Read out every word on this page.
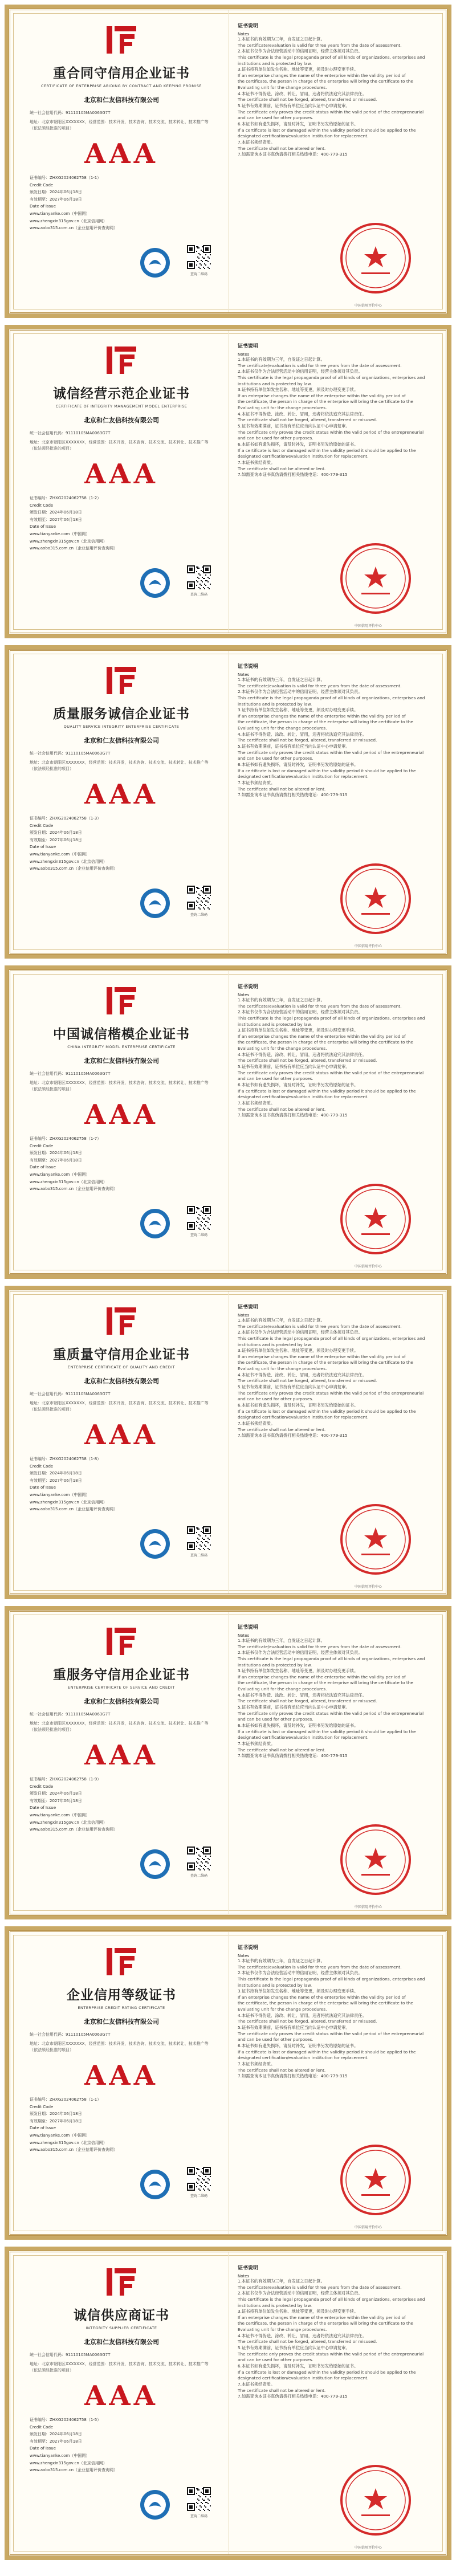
重合同守信用企业证书
CERTIFICATE OF ENTERPRISE ABIDING BY CONTRACT AND KEEPING PROMISE
北京和仁友信科技有限公司
统一社会信用代码：91110105MA0063G7T
地址：北京市朝阳区XXXXXXX，经营范围：技术开发，技术咨询、技术交流、技术转让、技术推广等（依法须经批准的项目）
AAA
证书编号：ZHXG2024062758（1-1）
Credit Code
颁发日期：2024年06月18日
有效期至：2027年06月18日
Date of Issue
www.tianyanke.com（中国网）
www.zhengxin315gov.cn（北京信用网）
www.aobo315.com.cn（企业信用评价查询网）
查询二维码
证书说明
Notes

1.本证书的有效期为三年，自发证之日起计算。

The certificate/evaluation is valid for three years from the date of assessment.

2.本证书仅作为合法经营活动中的信用证明，经营主体须对其负责。

This certificate is the legal propaganda proof of all kinds of organizations, enterprises and institutions and is protected by law.

3.证书持有单位如发生名称、地址等变更，须及时办理变更手续。

If an enterprise changes the name of the enterprise within the validity per iod of

the certificate, the person in charge of the enterprise will bring the certificate to the

Evaluating unit for the change procedures.

4.本证书不得伪造、涂改、转让、冒用，违者将依法追究其法律责任。

The certificate shall not be forged, altered, transferred or misused.

5.证书有效期满前，证书持有单位应当向认证中心申请复审。

The certificate only proves the credit status within the valid period of the entrepreneurial

and can be used for other purposes.

6.本证书如有遗失损坏，请及时补发，证明书另发给原始的证书。

If a certificate is lost or damaged within the validity period it should be applied to the

designated certification/evaluation institution for replacement.

7.本证书须经资质。

The certificate shall not be altered or lent.

7.如需查询本证书真伪请拨打相关热线电话：400-779-315

中国信用评价中心
诚信经营示范企业证书
CERTIFICATE OF INTEGRITY MANAGEMENT MODEL ENTERPRISE
北京和仁友信科技有限公司
统一社会信用代码：91110105MA0063G7T
地址：北京市朝阳区XXXXXXX，经营范围：技术开发，技术咨询、技术交流、技术转让、技术推广等（依法须经批准的项目）
AAA
证书编号：ZHXG2024062758（1-2）
Credit Code
颁发日期：2024年06月18日
有效期至：2027年06月18日
Date of Issue
www.tianyanke.com（中国网）
www.zhengxin315gov.cn（北京信用网）
www.aobo315.com.cn（企业信用评价查询网）
查询二维码
证书说明
Notes

1.本证书的有效期为三年，自发证之日起计算。

The certificate/evaluation is valid for three years from the date of assessment.

2.本证书仅作为合法经营活动中的信用证明，经营主体须对其负责。

This certificate is the legal propaganda proof of all kinds of organizations, enterprises and institutions and is protected by law.

3.证书持有单位如发生名称、地址等变更，须及时办理变更手续。

If an enterprise changes the name of the enterprise within the validity per iod of

the certificate, the person in charge of the enterprise will bring the certificate to the

Evaluating unit for the change procedures.

4.本证书不得伪造、涂改、转让、冒用，违者将依法追究其法律责任。

The certificate shall not be forged, altered, transferred or misused.

5.证书有效期满前，证书持有单位应当向认证中心申请复审。

The certificate only proves the credit status within the valid period of the entrepreneurial

and can be used for other purposes.

6.本证书如有遗失损坏，请及时补发，证明书另发给原始的证书。

If a certificate is lost or damaged within the validity period it should be applied to the

designated certification/evaluation institution for replacement.

7.本证书须经资质。

The certificate shall not be altered or lent.

7.如需查询本证书真伪请拨打相关热线电话：400-779-315

中国信用评价中心
质量服务诚信企业证书
QUALITY SERVICE INTEGRITY ENTERPRISE CERTIFICATE
北京和仁友信科技有限公司
统一社会信用代码：91110105MA0063G7T
地址：北京市朝阳区XXXXXXX，经营范围：技术开发，技术咨询、技术交流、技术转让、技术推广等（依法须经批准的项目）
AAA
证书编号：ZHXG2024062758（1-3）
Credit Code
颁发日期：2024年06月18日
有效期至：2027年06月18日
Date of Issue
www.tianyanke.com（中国网）
www.zhengxin315gov.cn（北京信用网）
www.aobo315.com.cn（企业信用评价查询网）
查询二维码
证书说明
Notes

1.本证书的有效期为三年，自发证之日起计算。

The certificate/evaluation is valid for three years from the date of assessment.

2.本证书仅作为合法经营活动中的信用证明，经营主体须对其负责。

This certificate is the legal propaganda proof of all kinds of organizations, enterprises and institutions and is protected by law.

3.证书持有单位如发生名称、地址等变更，须及时办理变更手续。

If an enterprise changes the name of the enterprise within the validity per iod of

the certificate, the person in charge of the enterprise will bring the certificate to the

Evaluating unit for the change procedures.

4.本证书不得伪造、涂改、转让、冒用，违者将依法追究其法律责任。

The certificate shall not be forged, altered, transferred or misused.

5.证书有效期满前，证书持有单位应当向认证中心申请复审。

The certificate only proves the credit status within the valid period of the entrepreneurial

and can be used for other purposes.

6.本证书如有遗失损坏，请及时补发，证明书另发给原始的证书。

If a certificate is lost or damaged within the validity period it should be applied to the

designated certification/evaluation institution for replacement.

7.本证书须经资质。

The certificate shall not be altered or lent.

7.如需查询本证书真伪请拨打相关热线电话：400-779-315

中国信用评价中心
中国诚信楷模企业证书
CHINA INTEGRITY MODEL ENTERPRISE CERTIFICATE
北京和仁友信科技有限公司
统一社会信用代码：91110105MA0063G7T
地址：北京市朝阳区XXXXXXX，经营范围：技术开发，技术咨询、技术交流、技术转让、技术推广等（依法须经批准的项目）
AAA
证书编号：ZHXG2024062758（1-7）
Credit Code
颁发日期：2024年06月18日
有效期至：2027年06月18日
Date of Issue
www.tianyanke.com（中国网）
www.zhengxin315gov.cn（北京信用网）
www.aobo315.com.cn（企业信用评价查询网）
查询二维码
证书说明
Notes

1.本证书的有效期为三年，自发证之日起计算。

The certificate/evaluation is valid for three years from the date of assessment.

2.本证书仅作为合法经营活动中的信用证明，经营主体须对其负责。

This certificate is the legal propaganda proof of all kinds of organizations, enterprises and institutions and is protected by law.

3.证书持有单位如发生名称、地址等变更，须及时办理变更手续。

If an enterprise changes the name of the enterprise within the validity per iod of

the certificate, the person in charge of the enterprise will bring the certificate to the

Evaluating unit for the change procedures.

4.本证书不得伪造、涂改、转让、冒用，违者将依法追究其法律责任。

The certificate shall not be forged, altered, transferred or misused.

5.证书有效期满前，证书持有单位应当向认证中心申请复审。

The certificate only proves the credit status within the valid period of the entrepreneurial

and can be used for other purposes.

6.本证书如有遗失损坏，请及时补发，证明书另发给原始的证书。

If a certificate is lost or damaged within the validity period it should be applied to the

designated certification/evaluation institution for replacement.

7.本证书须经资质。

The certificate shall not be altered or lent.

7.如需查询本证书真伪请拨打相关热线电话：400-779-315

中国信用评价中心
重质量守信用企业证书
ENTERPRISE CERTIFICATE OF QUALITY AND CREDIT
北京和仁友信科技有限公司
统一社会信用代码：91110105MA0063G7T
地址：北京市朝阳区XXXXXXX，经营范围：技术开发，技术咨询、技术交流、技术转让、技术推广等（依法须经批准的项目）
AAA
证书编号：ZHXG2024062758（1-8）
Credit Code
颁发日期：2024年06月18日
有效期至：2027年06月18日
Date of Issue
www.tianyanke.com（中国网）
www.zhengxin315gov.cn（北京信用网）
www.aobo315.com.cn（企业信用评价查询网）
查询二维码
证书说明
Notes

1.本证书的有效期为三年，自发证之日起计算。

The certificate/evaluation is valid for three years from the date of assessment.

2.本证书仅作为合法经营活动中的信用证明，经营主体须对其负责。

This certificate is the legal propaganda proof of all kinds of organizations, enterprises and institutions and is protected by law.

3.证书持有单位如发生名称、地址等变更，须及时办理变更手续。

If an enterprise changes the name of the enterprise within the validity per iod of

the certificate, the person in charge of the enterprise will bring the certificate to the

Evaluating unit for the change procedures.

4.本证书不得伪造、涂改、转让、冒用，违者将依法追究其法律责任。

The certificate shall not be forged, altered, transferred or misused.

5.证书有效期满前，证书持有单位应当向认证中心申请复审。

The certificate only proves the credit status within the valid period of the entrepreneurial

and can be used for other purposes.

6.本证书如有遗失损坏，请及时补发，证明书另发给原始的证书。

If a certificate is lost or damaged within the validity period it should be applied to the

designated certification/evaluation institution for replacement.

7.本证书须经资质。

The certificate shall not be altered or lent.

7.如需查询本证书真伪请拨打相关热线电话：400-779-315

中国信用评价中心
重服务守信用企业证书
ENTERPRISE CERTIFICATE OF SERVICE AND CREDIT
北京和仁友信科技有限公司
统一社会信用代码：91110105MA0063G7T
地址：北京市朝阳区XXXXXXX，经营范围：技术开发，技术咨询、技术交流、技术转让、技术推广等（依法须经批准的项目）
AAA
证书编号：ZHXG2024062758（1-9）
Credit Code
颁发日期：2024年06月18日
有效期至：2027年06月18日
Date of Issue
www.tianyanke.com（中国网）
www.zhengxin315gov.cn（北京信用网）
www.aobo315.com.cn（企业信用评价查询网）
查询二维码
证书说明
Notes

1.本证书的有效期为三年，自发证之日起计算。

The certificate/evaluation is valid for three years from the date of assessment.

2.本证书仅作为合法经营活动中的信用证明，经营主体须对其负责。

This certificate is the legal propaganda proof of all kinds of organizations, enterprises and institutions and is protected by law.

3.证书持有单位如发生名称、地址等变更，须及时办理变更手续。

If an enterprise changes the name of the enterprise within the validity per iod of

the certificate, the person in charge of the enterprise will bring the certificate to the

Evaluating unit for the change procedures.

4.本证书不得伪造、涂改、转让、冒用，违者将依法追究其法律责任。

The certificate shall not be forged, altered, transferred or misused.

5.证书有效期满前，证书持有单位应当向认证中心申请复审。

The certificate only proves the credit status within the valid period of the entrepreneurial

and can be used for other purposes.

6.本证书如有遗失损坏，请及时补发，证明书另发给原始的证书。

If a certificate is lost or damaged within the validity period it should be applied to the

designated certification/evaluation institution for replacement.

7.本证书须经资质。

The certificate shall not be altered or lent.

7.如需查询本证书真伪请拨打相关热线电话：400-779-315

中国信用评价中心
企业信用等级证书
ENTERPRISE CREDIT RATING CERTIFICATE
北京和仁友信科技有限公司
统一社会信用代码：91110105MA0063G7T
地址：北京市朝阳区XXXXXXX，经营范围：技术开发，技术咨询、技术交流、技术转让、技术推广等（依法须经批准的项目）
AAA
证书编号：ZHXG2024062758（1-1）
Credit Code
颁发日期：2024年06月18日
有效期至：2027年06月18日
Date of Issue
www.tianyanke.com（中国网）
www.zhengxin315gov.cn（北京信用网）
www.aobo315.com.cn（企业信用评价查询网）
查询二维码
证书说明
Notes

1.本证书的有效期为三年，自发证之日起计算。

The certificate/evaluation is valid for three years from the date of assessment.

2.本证书仅作为合法经营活动中的信用证明，经营主体须对其负责。

This certificate is the legal propaganda proof of all kinds of organizations, enterprises and institutions and is protected by law.

3.证书持有单位如发生名称、地址等变更，须及时办理变更手续。

If an enterprise changes the name of the enterprise within the validity per iod of

the certificate, the person in charge of the enterprise will bring the certificate to the

Evaluating unit for the change procedures.

4.本证书不得伪造、涂改、转让、冒用，违者将依法追究其法律责任。

The certificate shall not be forged, altered, transferred or misused.

5.证书有效期满前，证书持有单位应当向认证中心申请复审。

The certificate only proves the credit status within the valid period of the entrepreneurial

and can be used for other purposes.

6.本证书如有遗失损坏，请及时补发，证明书另发给原始的证书。

If a certificate is lost or damaged within the validity period it should be applied to the

designated certification/evaluation institution for replacement.

7.本证书须经资质。

The certificate shall not be altered or lent.

7.如需查询本证书真伪请拨打相关热线电话：400-779-315

中国信用评价中心
诚信供应商证书
INTEGRITY SUPPLIER CERTIFICATE
北京和仁友信科技有限公司
统一社会信用代码：91110105MA0063G7T
地址：北京市朝阳区XXXXXXX，经营范围：技术开发，技术咨询、技术交流、技术转让、技术推广等（依法须经批准的项目）
AAA
证书编号：ZHXG2024062758（1-5）
Credit Code
颁发日期：2024年06月18日
有效期至：2027年06月18日
Date of Issue
www.tianyanke.com（中国网）
www.zhengxin315gov.cn（北京信用网）
www.aobo315.com.cn（企业信用评价查询网）
查询二维码
证书说明
Notes

1.本证书的有效期为三年，自发证之日起计算。

The certificate/evaluation is valid for three years from the date of assessment.

2.本证书仅作为合法经营活动中的信用证明，经营主体须对其负责。

This certificate is the legal propaganda proof of all kinds of organizations, enterprises and institutions and is protected by law.

3.证书持有单位如发生名称、地址等变更，须及时办理变更手续。

If an enterprise changes the name of the enterprise within the validity per iod of

the certificate, the person in charge of the enterprise will bring the certificate to the

Evaluating unit for the change procedures.

4.本证书不得伪造、涂改、转让、冒用，违者将依法追究其法律责任。

The certificate shall not be forged, altered, transferred or misused.

5.证书有效期满前，证书持有单位应当向认证中心申请复审。

The certificate only proves the credit status within the valid period of the entrepreneurial

and can be used for other purposes.

6.本证书如有遗失损坏，请及时补发，证明书另发给原始的证书。

If a certificate is lost or damaged within the validity period it should be applied to the

designated certification/evaluation institution for replacement.

7.本证书须经资质。

The certificate shall not be altered or lent.

7.如需查询本证书真伪请拨打相关热线电话：400-779-315

中国信用评价中心
